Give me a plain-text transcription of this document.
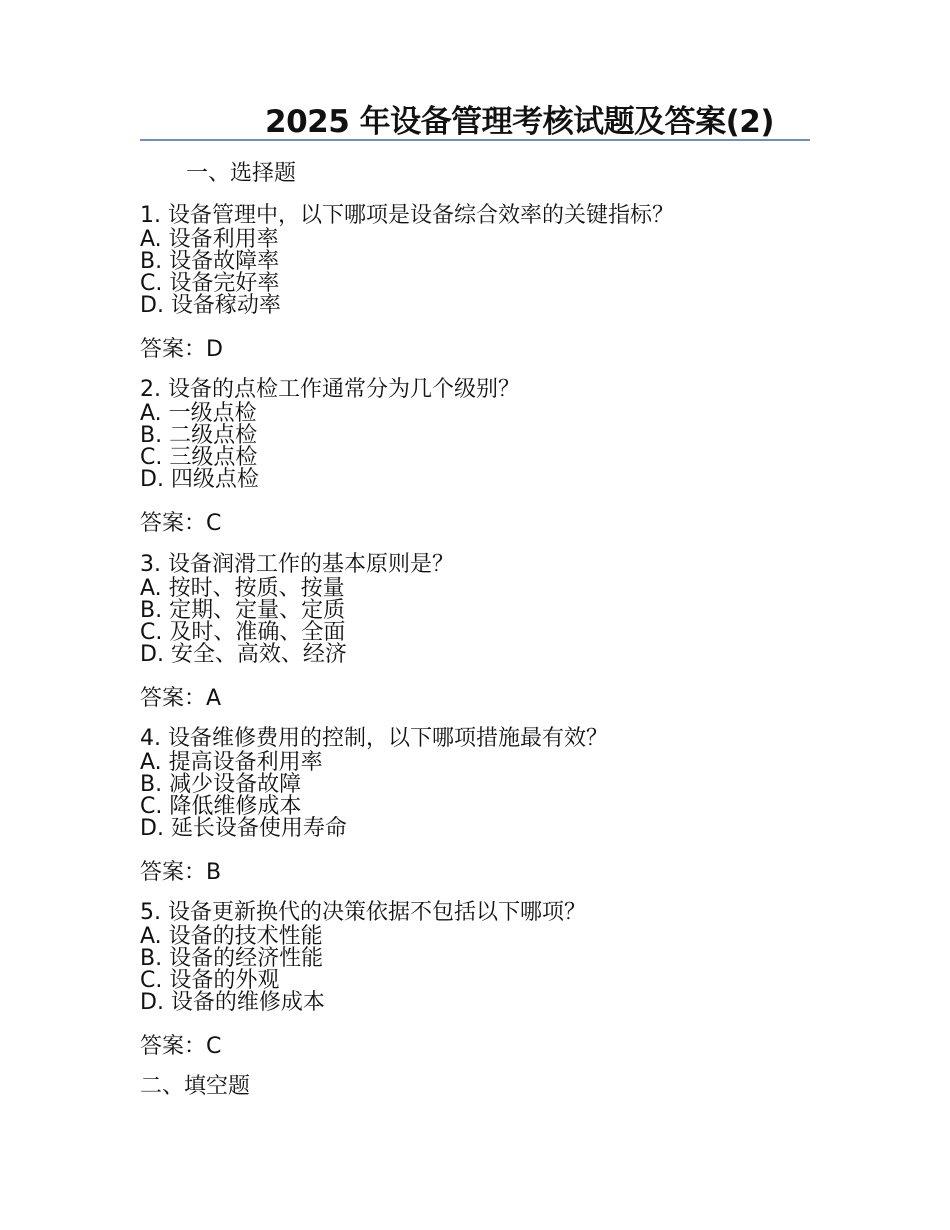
2025 年设备管理考核试题及答案(2)
一、选择题
1. 设备管理中，以下哪项是设备综合效率的关键指标？
A. 设备利用率
B. 设备故障率
C. 设备完好率
D. 设备稼动率
答案：D
2. 设备的点检工作通常分为几个级别？
A. 一级点检
B. 二级点检
C. 三级点检
D. 四级点检
答案：C
3. 设备润滑工作的基本原则是？
A. 按时、按质、按量
B. 定期、定量、定质
C. 及时、准确、全面
D. 安全、高效、经济
答案：A
4. 设备维修费用的控制，以下哪项措施最有效？
A. 提高设备利用率
B. 减少设备故障
C. 降低维修成本
D. 延长设备使用寿命
答案：B
5. 设备更新换代的决策依据不包括以下哪项？
A. 设备的技术性能
B. 设备的经济性能
C. 设备的外观
D. 设备的维修成本
答案：C
二、填空题
